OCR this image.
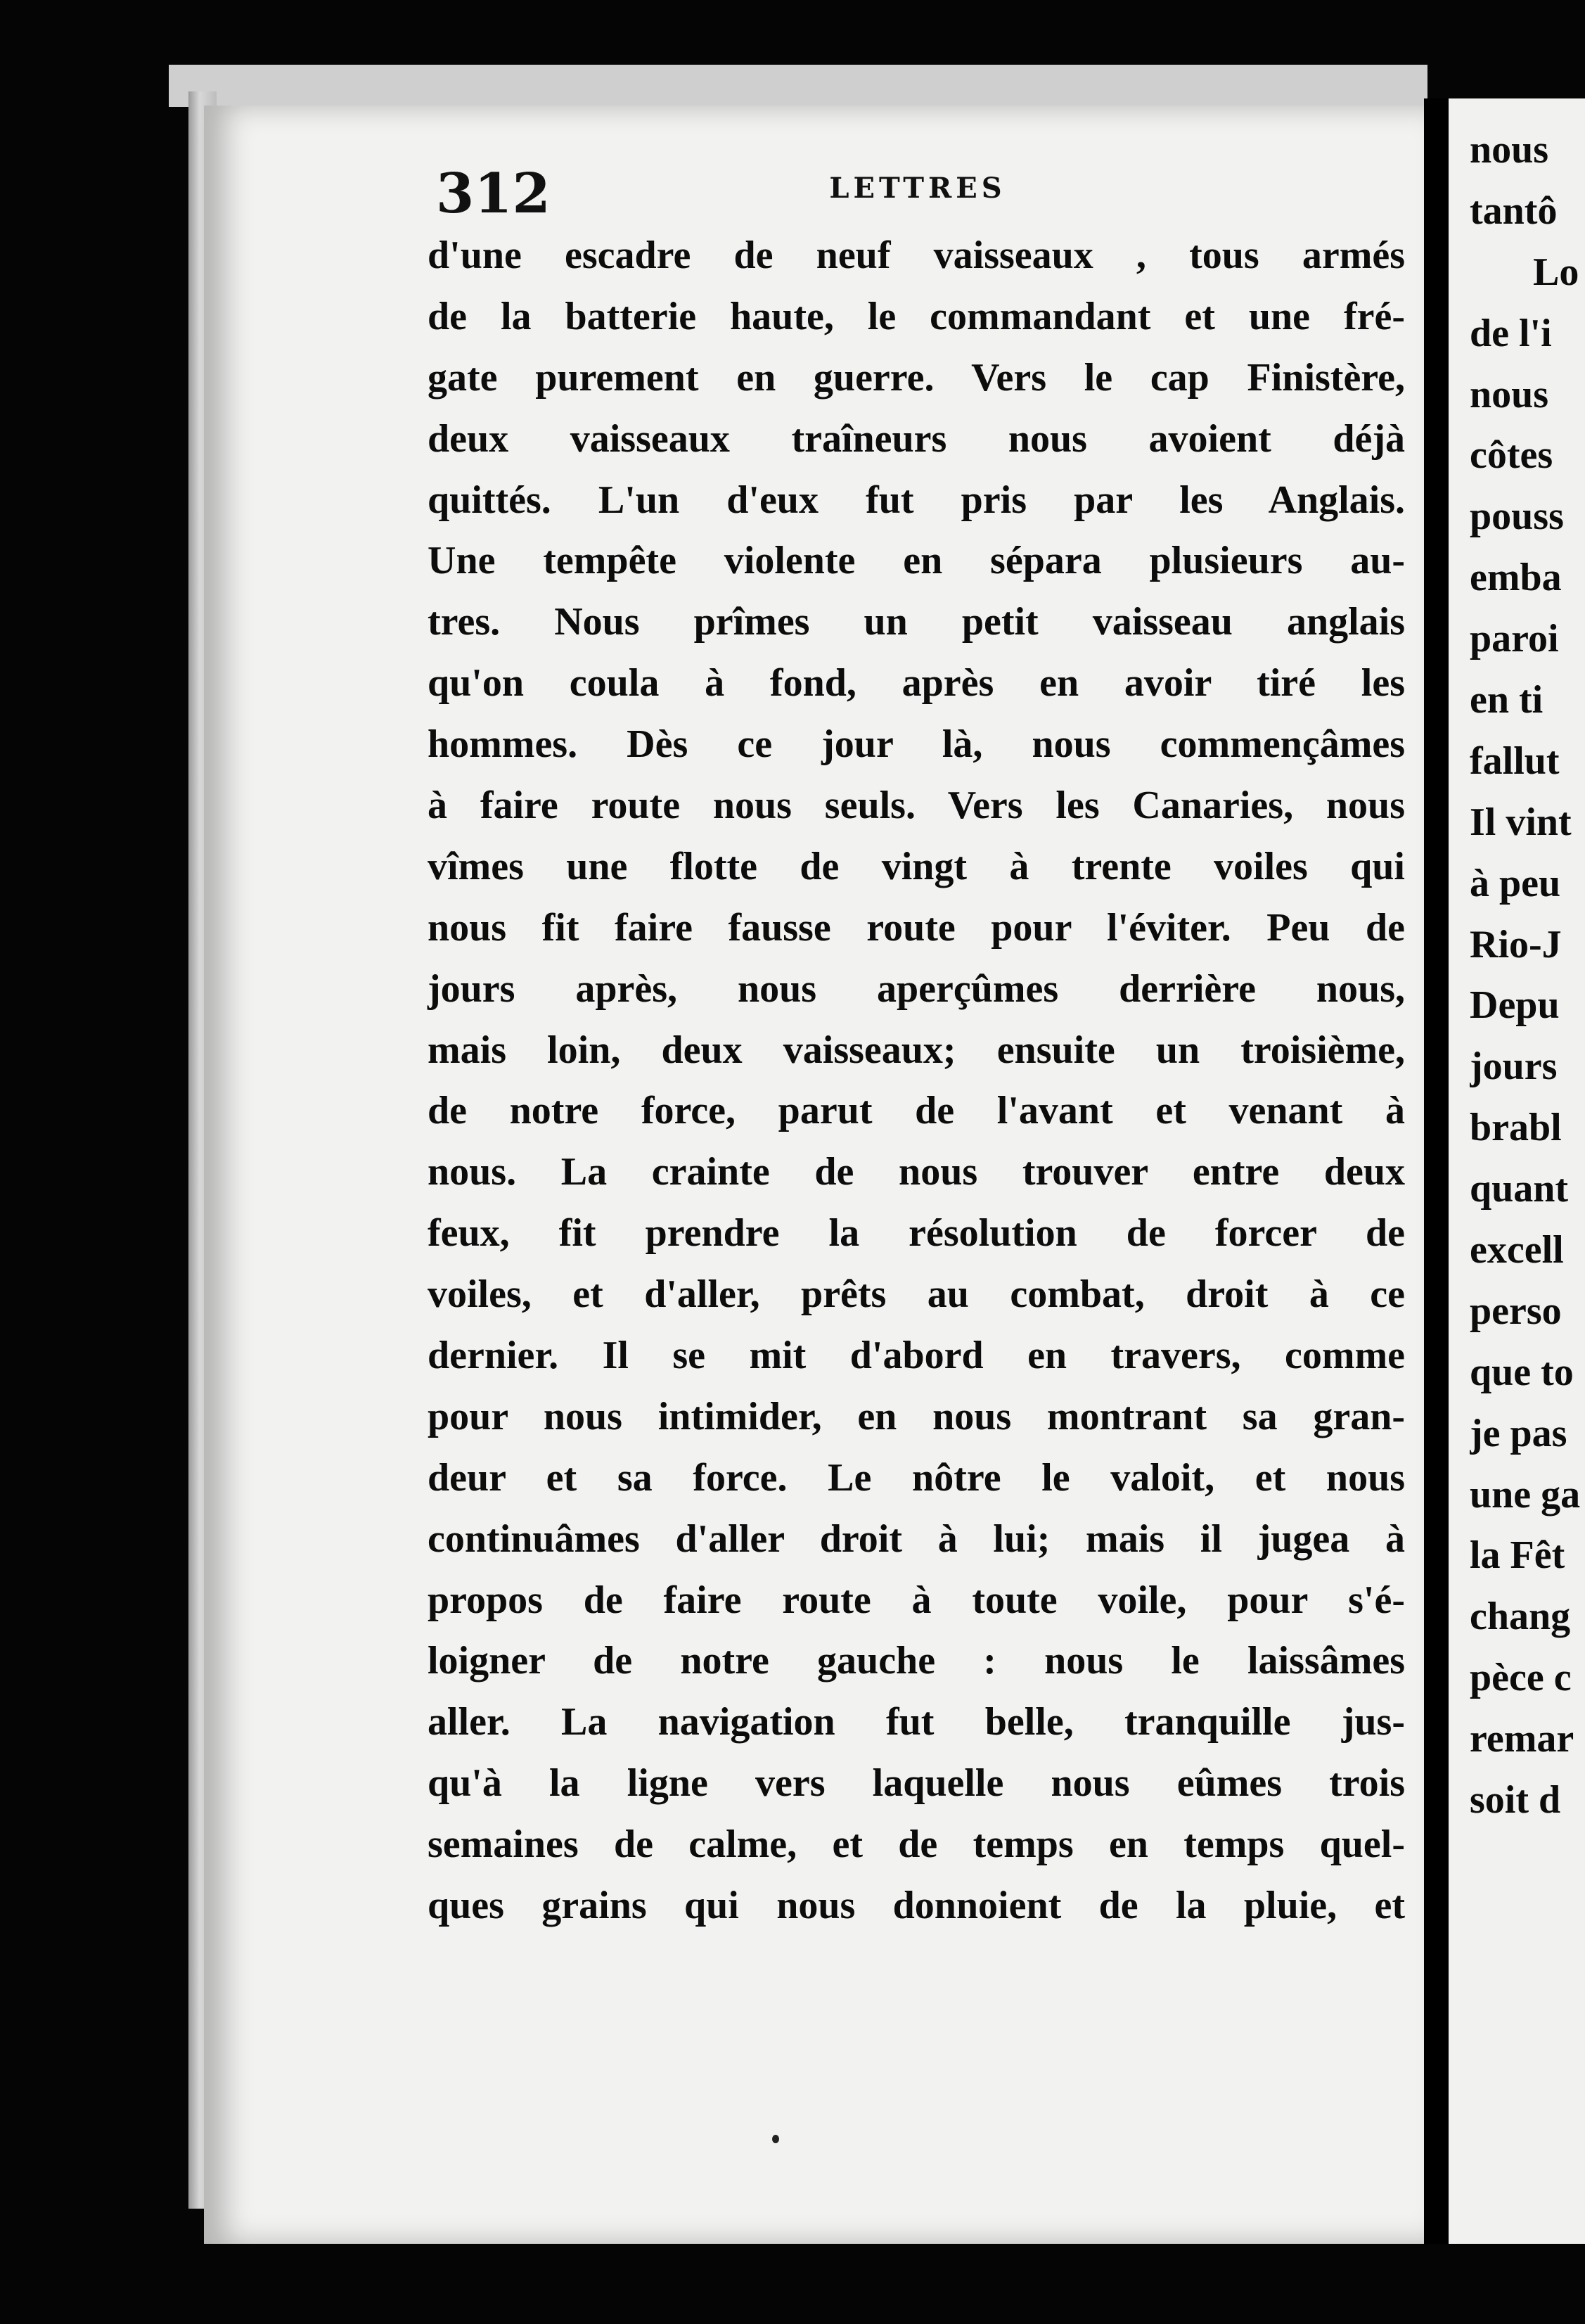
312	LETTRES
d'une escadre de neuf vaisseaux , tous armés
de la batterie haute, le commandant et une fré-
gate purement en guerre. Vers le cap Finistère,
deux vaisseaux traîneurs nous avoient déjà
quittés. L'un d'eux fut pris par les Anglais.
Une tempête violente en sépara plusieurs au-
tres. Nous prîmes un petit vaisseau anglais
qu'on coula à fond, après en avoir tiré les
hommes. Dès ce jour là, nous commençâmes
à faire route nous seuls. Vers les Canaries, nous
vîmes une flotte de vingt à trente voiles qui
nous fit faire fausse route pour l'éviter. Peu de
jours après, nous aperçûmes derrière nous,
mais loin, deux vaisseaux; ensuite un troisième,
de notre force, parut de l'avant et venant à
nous. La crainte de nous trouver entre deux
feux, fit prendre la résolution de forcer de
voiles, et d'aller, prêts au combat, droit à ce
dernier. Il se mit d'abord en travers, comme
pour nous intimider, en nous montrant sa gran-
deur et sa force. Le nôtre le valoit, et nous
continuâmes d'aller droit à lui; mais il jugea à
propos de faire route à toute voile, pour s'é-
loigner de notre gauche : nous le laissâmes
aller. La navigation fut belle, tranquille jus-
qu'à la ligne vers laquelle nous eûmes trois
semaines de calme, et de temps en temps quel-
ques grains qui nous donnoient de la pluie, et
nous
tantô
Lo
de l'i
nous
côtes
pouss
emba
paroi
en ti
fallut
Il vint
à peu
Rio-J
Depu
jours
brabl
quant
excell
perso
que to
je pas
une ga
la Fêt
chang
pèce c
remar
soit d
